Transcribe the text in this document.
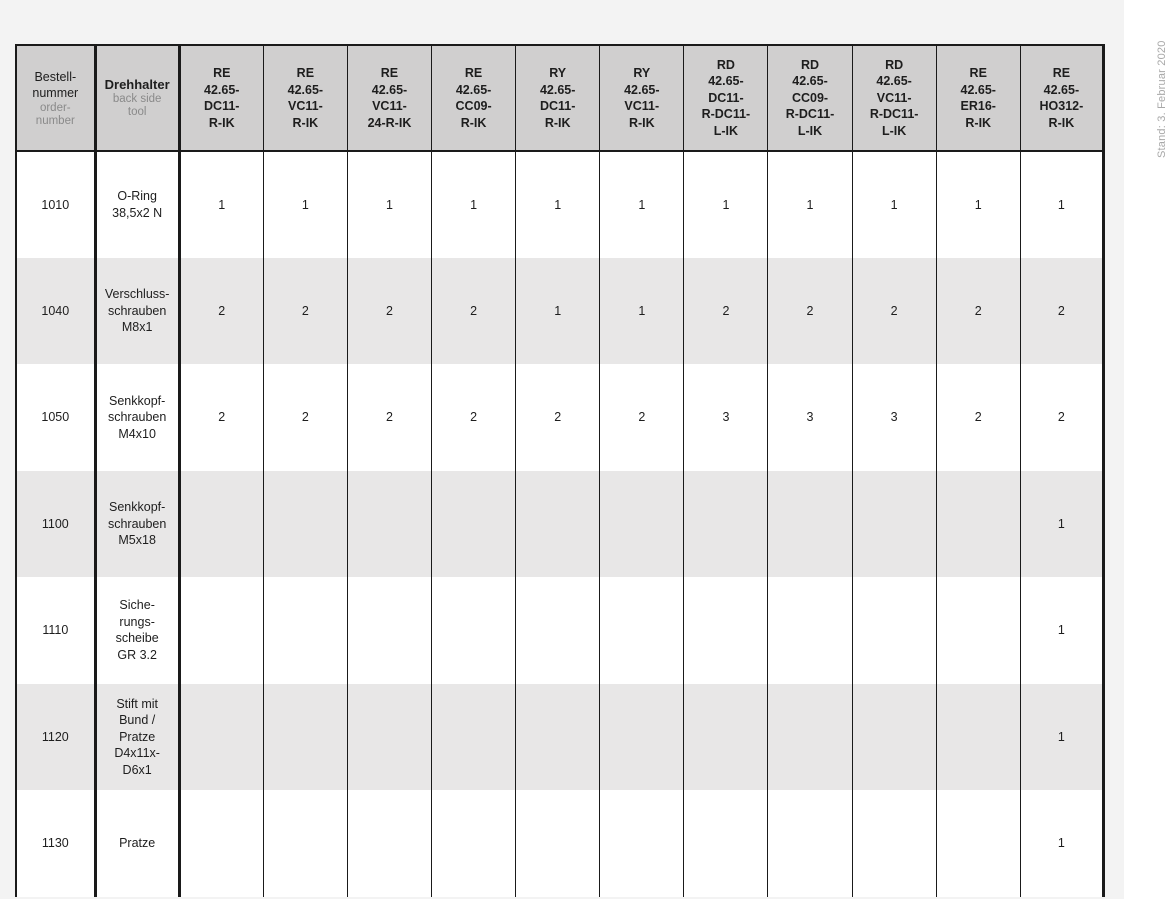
Stand: 3. Februar 2020
Bestell-
nummer
order-
number	Drehhalter
back side
tool	RE
42.65-
DC11-
R-IK	RE
42.65-
VC11-
R-IK	RE
42.65-
VC11-
24-R-IK	RE
42.65-
CC09-
R-IK	RY
42.65-
DC11-
R-IK	RY
42.65-
VC11-
R-IK	RD
42.65-
DC11-
R-DC11-
L-IK	RD
42.65-
CC09-
R-DC11-
L-IK	RD
42.65-
VC11-
R-DC11-
L-IK	RE
42.65-
ER16-
R-IK	RE
42.65-
HO312-
R-IK

1010	O-Ring
38,5x2 N	1	1	1	1	1	1	1	1	1	1	1
1040	Verschluss-
schrauben
M8x1	2	2	2	2	1	1	2	2	2	2	2
1050	Senkkopf-
schrauben
M4x10	2	2	2	2	2	2	3	3	3	2	2
1100	Senkkopf-
schrauben
M5x18											1
1110	Siche-
rungs-
scheibe
GR 3.2											1
1120	Stift mit
Bund /
Pratze
D4x11x-
D6x1											1
1130	Pratze											1
